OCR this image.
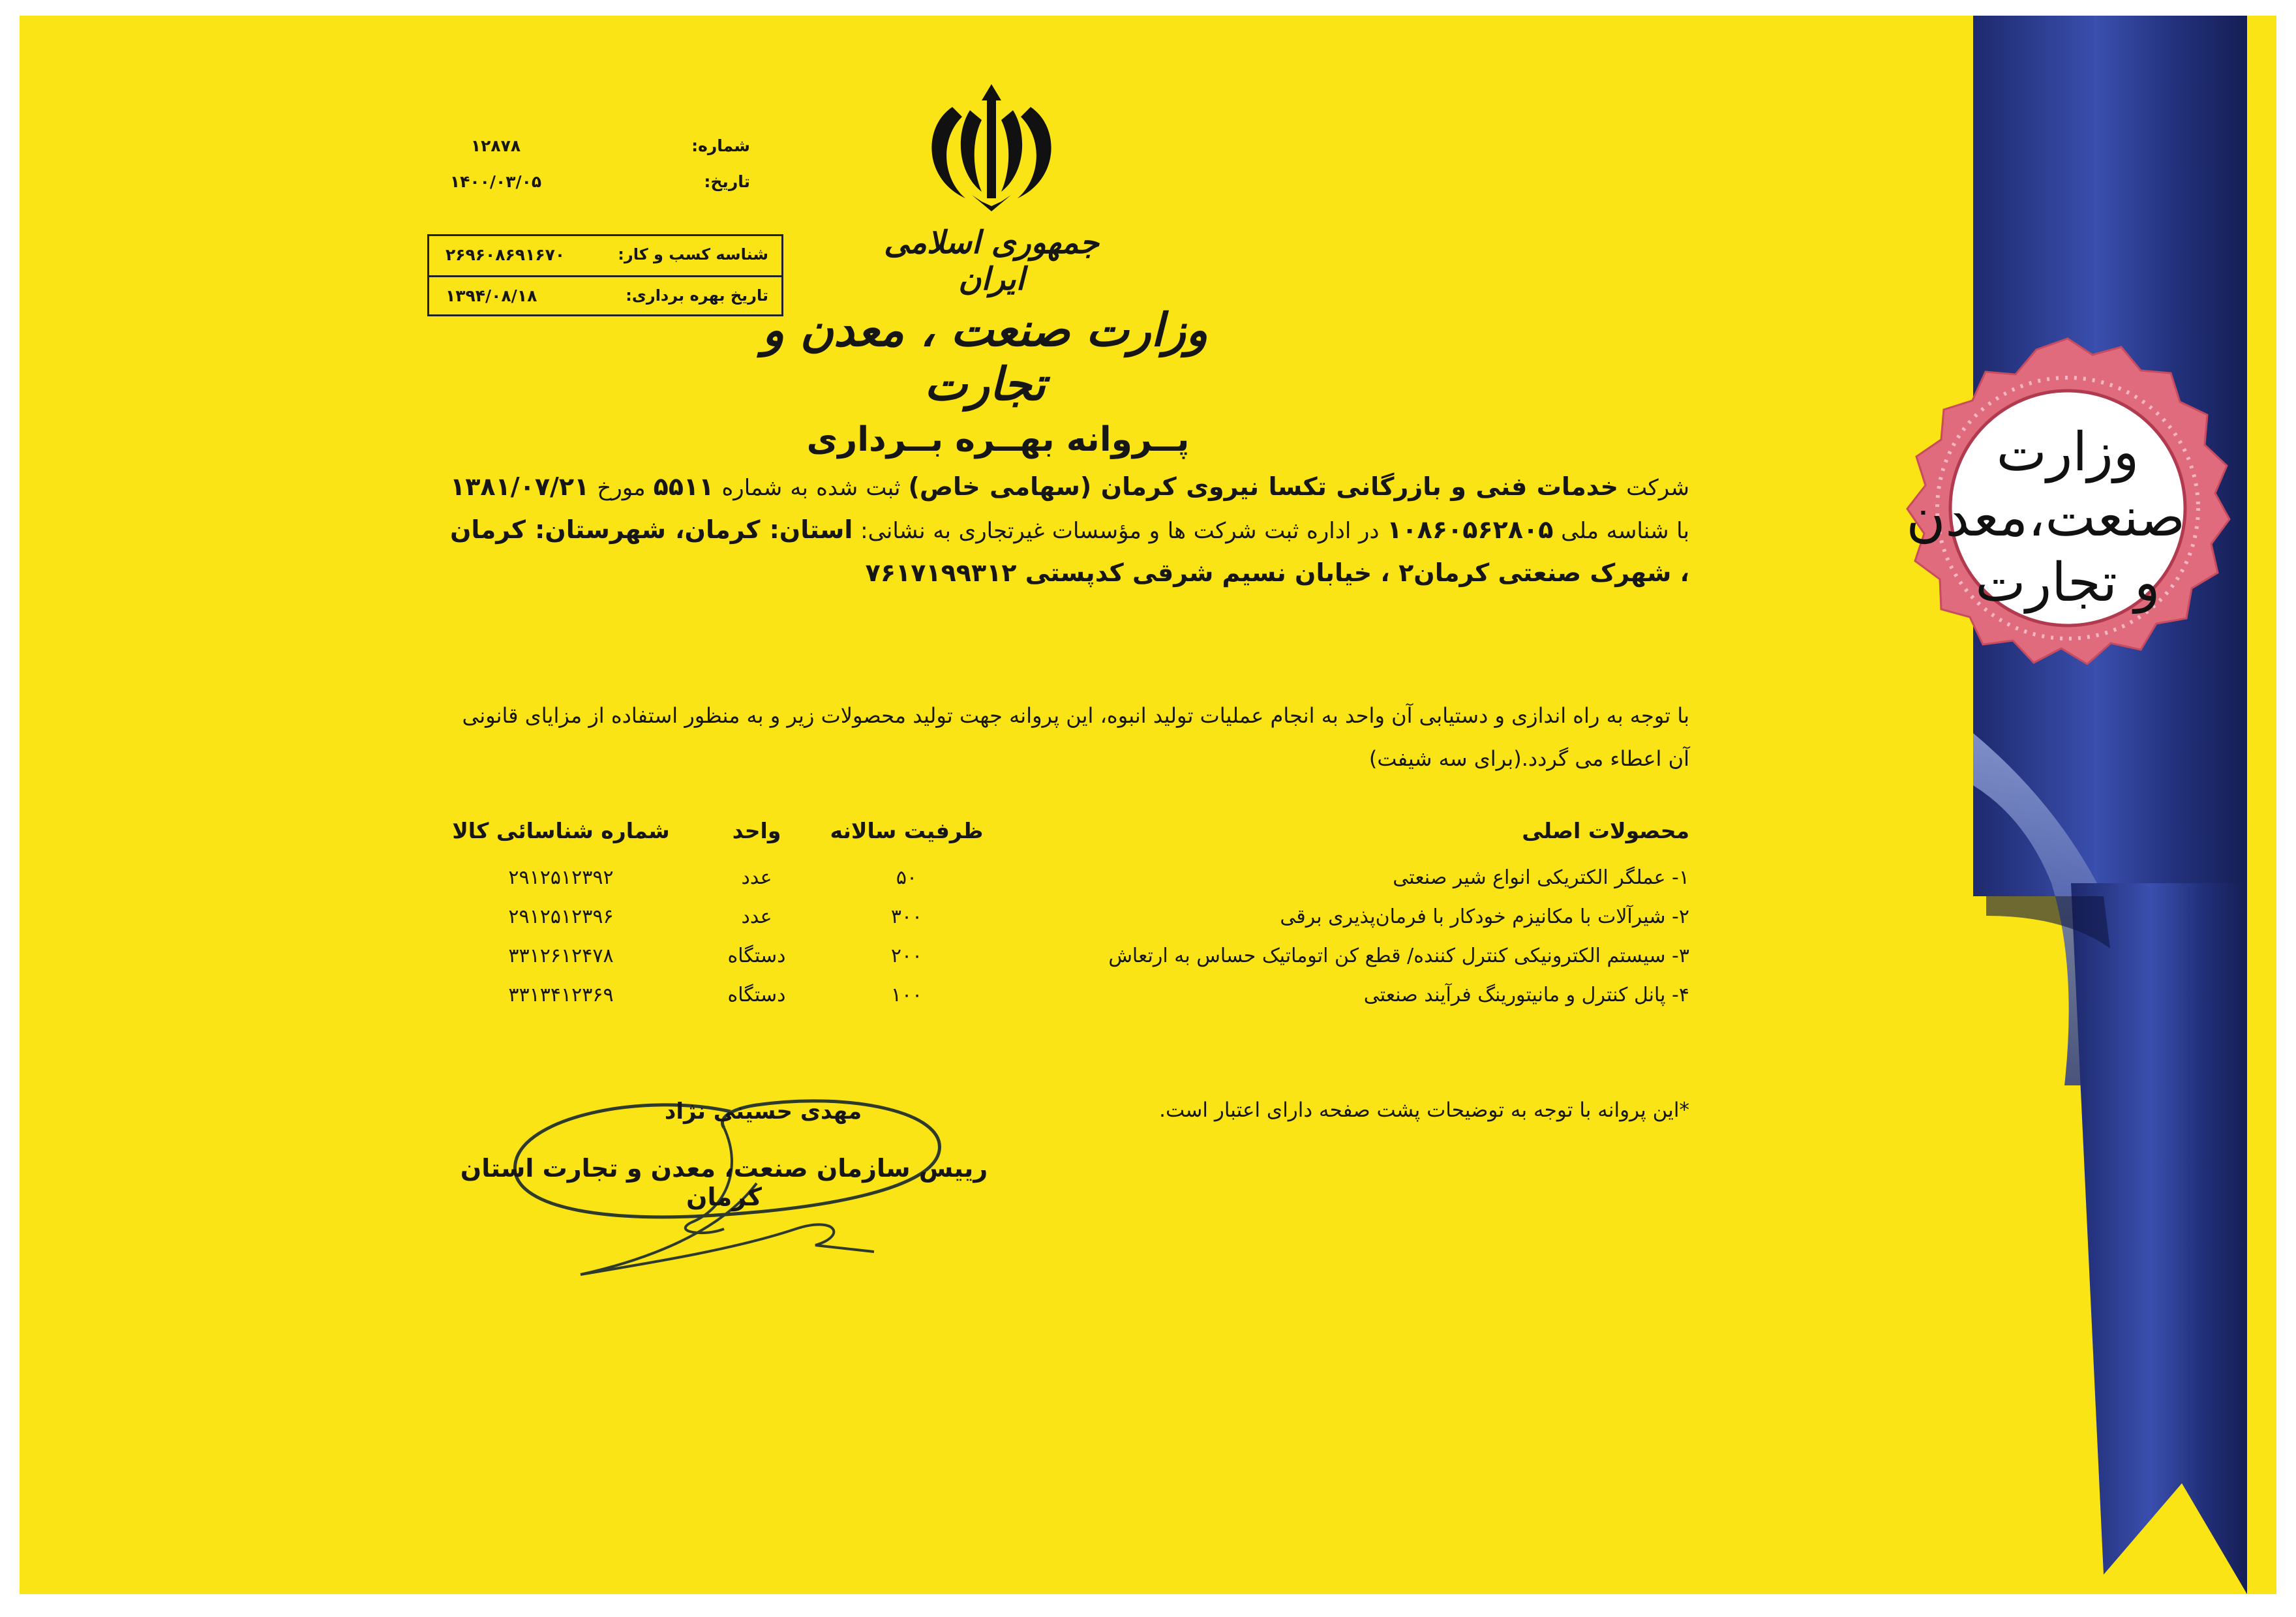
وزارت
صنعت،معدن
و تجارت
جمهوری اسلامی ایران
وزارت صنعت ، معدن و تجارت
شماره:
۱۲۸۷۸
تاریخ:
۱۴۰۰/۰۳/۰۵
شناسه کسب و کار:
۲۶۹۶۰۸۶۹۱۶۷۰
تاریخ بهره برداری:
۱۳۹۴/۰۸/۱۸
پــروانه بهــره بــرداری
شرکت خدمات فنی و بازرگانی تکسا نیروی کرمان (سهامی خاص) ثبت شده به شماره ۵۵۱۱ مورخ ۱۳۸۱/۰۷/۲۱ با شناسه ملی ۱۰۸۶۰۵۶۲۸۰۵ در اداره ثبت شرکت ها و مؤسسات غیرتجاری به نشانی: استان: کرمان، شهرستان: کرمان ، شهرک صنعتی کرمان۲ ، خیابان نسیم شرقی کدپستی ۷۶۱۷۱۹۹۳۱۲
با توجه به راه اندازی و دستیابی آن واحد به انجام عملیات تولید انبوه، این پروانه جهت تولید محصولات زیر و به منظور استفاده از مزایای قانونی آن اعطاء می گردد.(برای سه شیفت)
محصولات اصلی	ظرفیت سالانه	واحد	شماره شناسائی کالا
۱- عملگر الکتریکی انواع شیر صنعتی	۵۰	عدد	۲۹۱۲۵۱۲۳۹۲
۲- شیرآلات با مکانیزم خودکار با فرمان‌پذیری برقی	۳۰۰	عدد	۲۹۱۲۵۱۲۳۹۶
۳- سیستم الکترونیکی کنترل کننده/ قطع کن اتوماتیک حساس به ارتعاش	۲۰۰	دستگاه	۳۳۱۲۶۱۲۴۷۸
۴- پانل کنترل و مانیتورینگ فرآیند صنعتی	۱۰۰	دستگاه	۳۳۱۳۴۱۲۳۶۹
*این پروانه با توجه به توضیحات پشت صفحه دارای اعتبار است.
مهدی حسینی نژاد
رییس سازمان صنعت، معدن و تجارت استان کرمان
